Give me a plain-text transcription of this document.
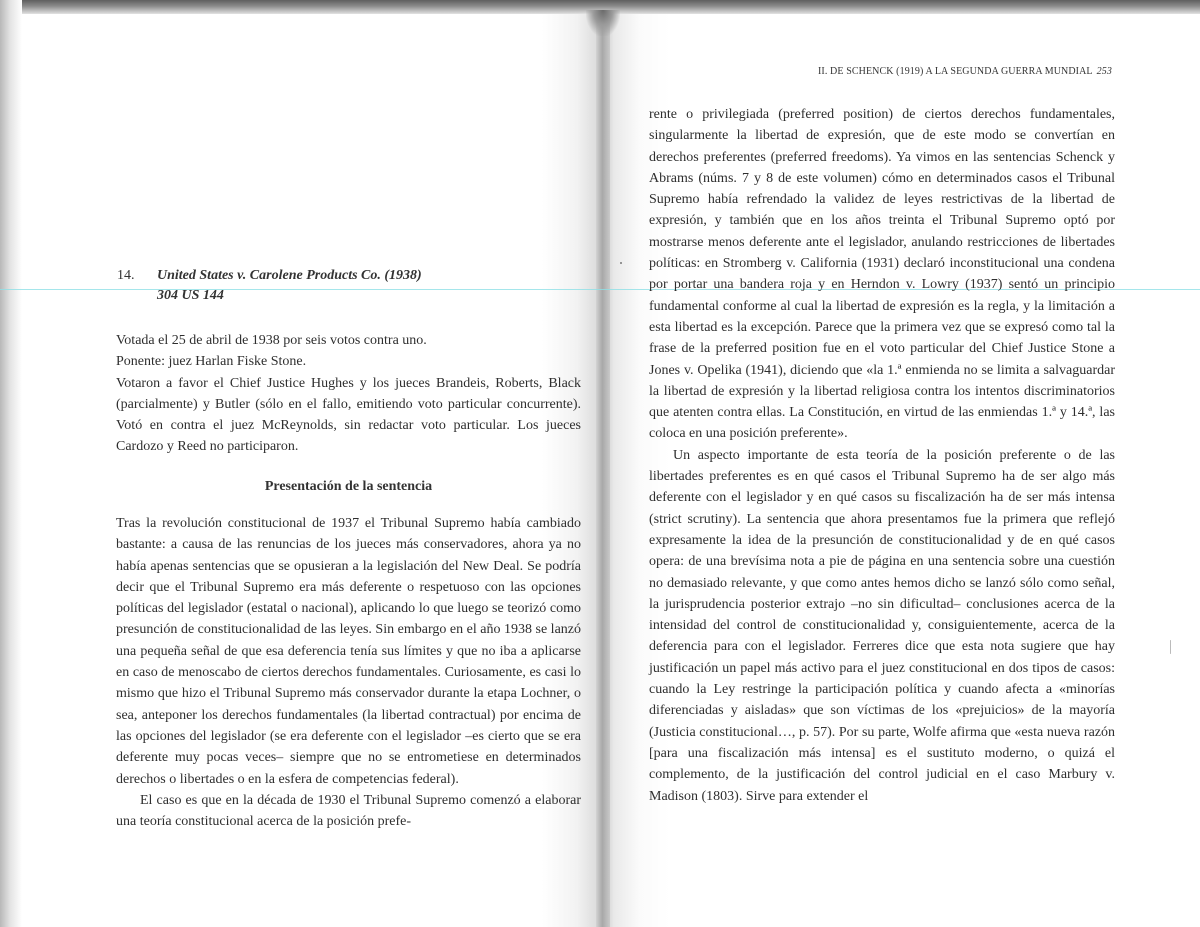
II. DE SCHENCK (1919) A LA SEGUNDA GUERRA MUNDIAL 253
14. United States v. Carolene Products Co. (1938)
304 US 144

Votada el 25 de abril de 1938 por seis votos contra uno.

Ponente: juez Harlan Fiske Stone.

Votaron a favor el Chief Justice Hughes y los jueces Brandeis, Roberts, Black (parcialmente) y Butler (sólo en el fallo, emitiendo voto particular concurrente). Votó en contra el juez McReynolds, sin redactar voto particular. Los jueces Cardozo y Reed no participaron.

Presentación de la sentencia

Tras la revolución constitucional de 1937 el Tribunal Supremo había cambiado bastante: a causa de las renuncias de los jueces más conservadores, ahora ya no había apenas sentencias que se opusieran a la legislación del New Deal. Se podría decir que el Tribunal Supremo era más deferente o respetuoso con las opciones políticas del legislador (estatal o nacional), aplicando lo que luego se teorizó como presunción de constitucionalidad de las leyes. Sin embargo en el año 1938 se lanzó una pequeña señal de que esa deferencia tenía sus límites y que no iba a aplicarse en caso de menoscabo de ciertos derechos fundamentales. Curiosamente, es casi lo mismo que hizo el Tribunal Supremo más conservador durante la etapa Lochner, o sea, anteponer los derechos fundamentales (la libertad contractual) por encima de las opciones del legislador (se era deferente con el legislador –es cierto que se era deferente muy pocas veces– siempre que no se entrometiese en determinados derechos o libertades o en la esfera de competencias federal).

El caso es que en la década de 1930 el Tribunal Supremo comenzó a elaborar una teoría constitucional acerca de la posición prefe-

rente o privilegiada (preferred position) de ciertos derechos fundamentales, singularmente la libertad de expresión, que de este modo se convertían en derechos preferentes (preferred freedoms). Ya vimos en las sentencias Schenck y Abrams (núms. 7 y 8 de este volumen) cómo en determinados casos el Tribunal Supremo había refrendado la validez de leyes restrictivas de la libertad de expresión, y también que en los años treinta el Tribunal Supremo optó por mostrarse menos deferente ante el legislador, anulando restricciones de libertades políticas: en Stromberg v. California (1931) declaró inconstitucional una condena por portar una bandera roja y en Herndon v. Lowry (1937) sentó un principio fundamental conforme al cual la libertad de expresión es la regla, y la limitación a esta libertad es la excepción. Parece que la primera vez que se expresó como tal la frase de la preferred position fue en el voto particular del Chief Justice Stone a Jones v. Opelika (1941), diciendo que «la 1.ª enmienda no se limita a salvaguardar la libertad de expresión y la libertad religiosa contra los intentos discriminatorios que atenten contra ellas. La Constitución, en virtud de las enmiendas 1.ª y 14.ª, las coloca en una posición preferente».

Un aspecto importante de esta teoría de la posición preferente o de las libertades preferentes es en qué casos el Tribunal Supremo ha de ser algo más deferente con el legislador y en qué casos su fiscalización ha de ser más intensa (strict scrutiny). La sentencia que ahora presentamos fue la primera que reflejó expresamente la idea de la presunción de constitucionalidad y de en qué casos opera: de una brevísima nota a pie de página en una sentencia sobre una cuestión no demasiado relevante, y que como antes hemos dicho se lanzó sólo como señal, la jurisprudencia posterior extrajo –no sin dificultad– conclusiones acerca de la intensidad del control de constitucionalidad y, consiguientemente, acerca de la deferencia para con el legislador. Ferreres dice que esta nota sugiere que hay justificación un papel más activo para el juez constitucional en dos tipos de casos: cuando la Ley restringe la participación política y cuando afecta a «minorías diferenciadas y aisladas» que son víctimas de los «prejuicios» de la mayoría (Justicia constitucional…, p. 57). Por su parte, Wolfe afirma que «esta nueva razón [para una fiscalización más intensa] es el sustituto moderno, o quizá el complemento, de la justificación del control judicial en el caso Marbury v. Madison (1803). Sirve para extender el
